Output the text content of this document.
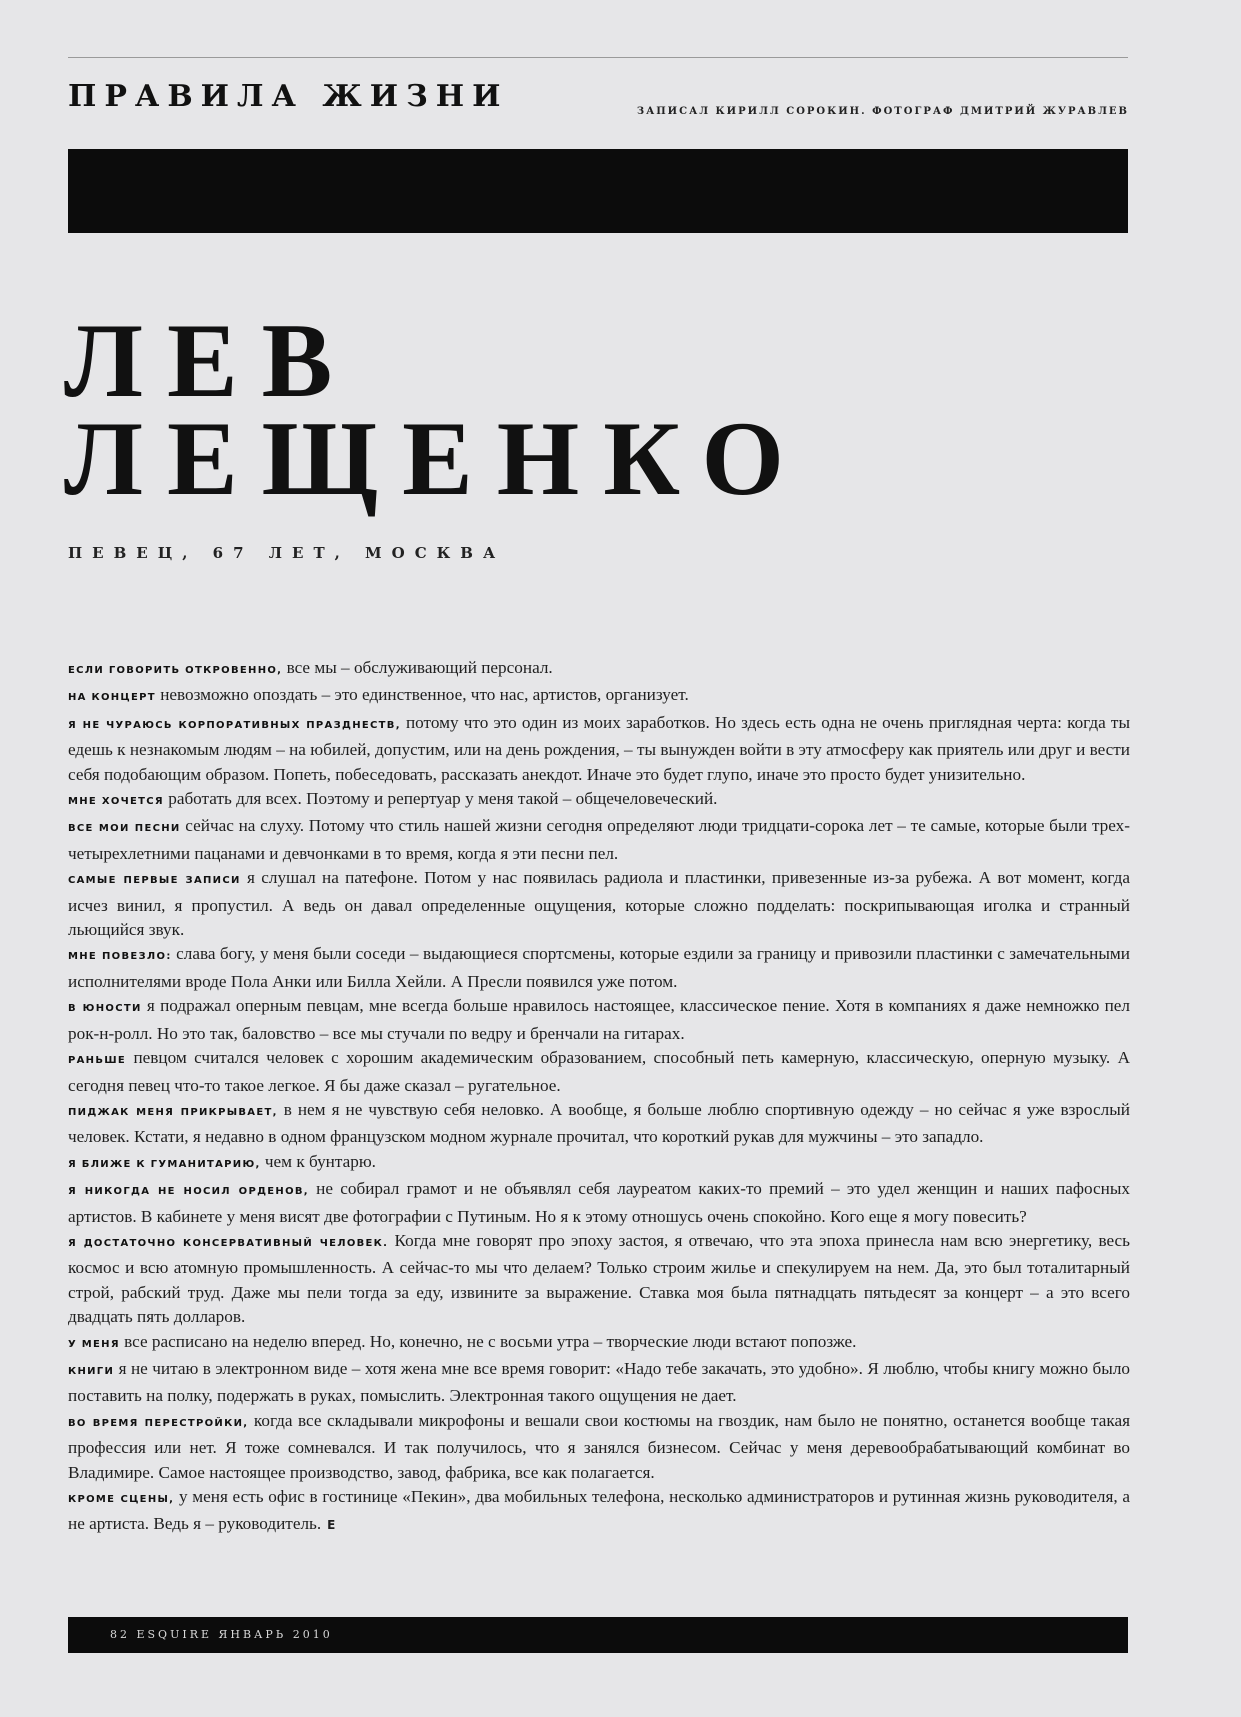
ПРАВИЛА ЖИЗНИ	ЗАПИСАЛ КИРИЛЛ СОРОКИН. ФОТОГРАФ ДМИТРИЙ ЖУРАВЛЕВ
ЛЕВ
ЛЕЩЕНКО
ПЕВЕЦ, 67 ЛЕТ, МОСКВА

ЕСЛИ ГОВОРИТЬ ОТКРОВЕННО, все мы – обслуживающий персонал.

НА КОНЦЕРТ невозможно опоздать – это единственное, что нас, артистов, организует.

Я НЕ ЧУРАЮСЬ КОРПОРАТИВНЫХ ПРАЗДНЕСТВ, потому что это один из моих заработков. Но здесь есть одна не очень приглядная черта: когда ты едешь к незнакомым людям – на юбилей, допустим, или на день рождения, – ты вынужден войти в эту атмосферу как приятель или друг и вести себя подобающим образом. Попеть, побеседовать, рассказать анекдот. Иначе это будет глупо, иначе это просто будет унизительно.

МНЕ ХОЧЕТСЯ работать для всех. Поэтому и репертуар у меня такой – общечеловеческий.

ВСЕ МОИ ПЕСНИ сейчас на слуху. Потому что стиль нашей жизни сегодня определяют люди тридцати-сорока лет – те самые, которые были трех-четырехлетними пацанами и девчонками в то время, когда я эти песни пел.

САМЫЕ ПЕРВЫЕ ЗАПИСИ я слушал на патефоне. Потом у нас появилась радиола и пластинки, привезенные из-за рубежа. А вот момент, когда исчез винил, я пропустил. А ведь он давал определенные ощущения, которые сложно подделать: поскрипывающая иголка и странный льющийся звук.

МНЕ ПОВЕЗЛО: слава богу, у меня были соседи – выдающиеся спортсмены, которые ездили за границу и привозили пластинки с замечательными исполнителями вроде Пола Анки или Билла Хейли. А Пресли появился уже потом.

В ЮНОСТИ я подражал оперным певцам, мне всегда больше нравилось настоящее, классическое пение. Хотя в компаниях я даже немножко пел рок-н-ролл. Но это так, баловство – все мы стучали по ведру и бренчали на гитарах.

РАНЬШЕ певцом считался человек с хорошим академическим образованием, способный петь камерную, классическую, оперную музыку. А сегодня певец что-то такое легкое. Я бы даже сказал – ругательное.

ПИДЖАК МЕНЯ ПРИКРЫВАЕТ, в нем я не чувствую себя неловко. А вообще, я больше люблю спортивную одежду – но сейчас я уже взрослый человек. Кстати, я недавно в одном французском модном журнале прочитал, что короткий рукав для мужчины – это западло.

Я БЛИЖЕ К ГУМАНИТАРИЮ, чем к бунтарю.

Я НИКОГДА НЕ НОСИЛ ОРДЕНОВ, не собирал грамот и не объявлял себя лауреатом каких-то премий – это удел женщин и наших пафосных артистов. В кабинете у меня висят две фотографии с Путиным. Но я к этому отношусь очень спокойно. Кого еще я могу повесить?

Я ДОСТАТОЧНО КОНСЕРВАТИВНЫЙ ЧЕЛОВЕК. Когда мне говорят про эпоху застоя, я отвечаю, что эта эпоха принесла нам всю энергетику, весь космос и всю атомную промышленность. А сейчас-то мы что делаем? Только строим жилье и спекулируем на нем. Да, это был тоталитарный строй, рабский труд. Даже мы пели тогда за еду, извините за выражение. Ставка моя была пятнадцать пятьдесят за концерт – а это всего двадцать пять долларов.

У МЕНЯ все расписано на неделю вперед. Но, конечно, не с восьми утра – творческие люди встают попозже.

КНИГИ я не читаю в электронном виде – хотя жена мне все время говорит: «Надо тебе закачать, это удобно». Я люблю, чтобы книгу можно было поставить на полку, подержать в руках, помыслить. Электронная такого ощущения не дает.

ВО ВРЕМЯ ПЕРЕСТРОЙКИ, когда все складывали микрофоны и вешали свои костюмы на гвоздик, нам было не понятно, останется вообще такая профессия или нет. Я тоже сомневался. И так получилось, что я занялся бизнесом. Сейчас у меня деревообрабатывающий комбинат во Владимире. Самое настоящее производство, завод, фабрика, все как полагается.

КРОМЕ СЦЕНЫ, у меня есть офис в гостинице «Пекин», два мобильных телефона, несколько администраторов и рутинная жизнь руководителя, а не артиста. Ведь я – руководитель. E

82 ESQUIRE ЯНВАРЬ 2010
